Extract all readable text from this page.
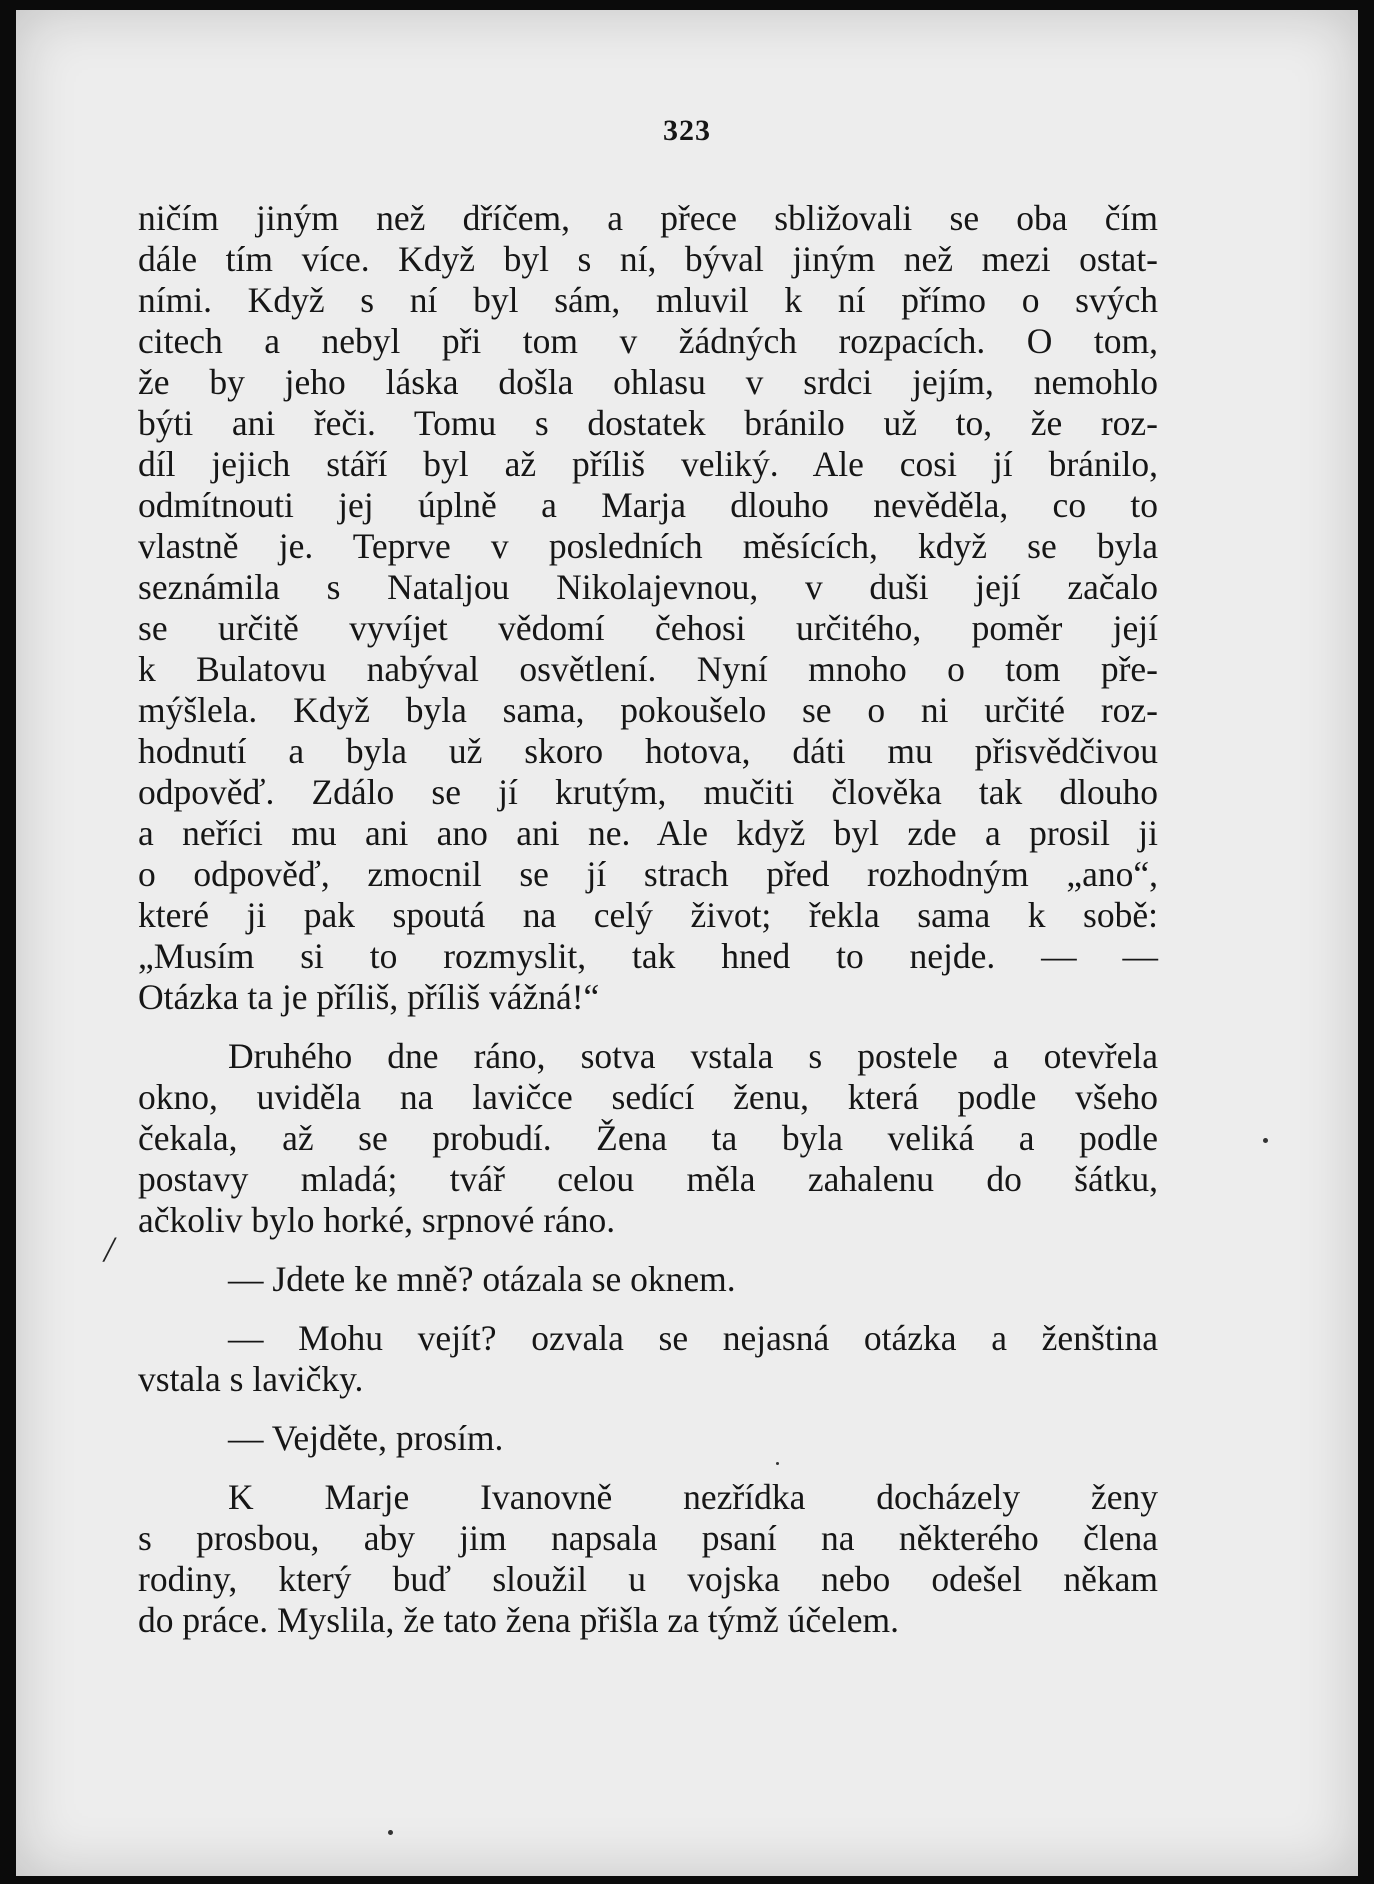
323
ničím jiným než dříčem, a přece sbližovali se oba čím
dále tím více. Když byl s ní, býval jiným než mezi ostat-
ními. Když s ní byl sám, mluvil k ní přímo o svých
citech a nebyl při tom v žádných rozpacích. O tom,
že by jeho láska došla ohlasu v srdci jejím, nemohlo
býti ani řeči. Tomu s dostatek bránilo už to, že roz-
díl jejich stáří byl až příliš veliký. Ale cosi jí bránilo,
odmítnouti jej úplně a Marja dlouho nevěděla, co to
vlastně je. Teprve v posledních měsících, když se byla
seznámila s Nataljou Nikolajevnou, v duši její začalo
se určitě vyvíjet vědomí čehosi určitého, poměr její
k Bulatovu nabýval osvětlení. Nyní mnoho o tom pře-
mýšlela. Když byla sama, pokoušelo se o ni určité roz-
hodnutí a byla už skoro hotova, dáti mu přisvědčivou
odpověď. Zdálo se jí krutým, mučiti člověka tak dlouho
a neříci mu ani ano ani ne. Ale když byl zde a prosil ji
o odpověď, zmocnil se jí strach před rozhodným „ano“,
které ji pak spoutá na celý život; řekla sama k sobě:
„Musím si to rozmyslit, tak hned to nejde. — —
Otázka ta je příliš, příliš vážná!“
Druhého dne ráno, sotva vstala s postele a otevřela
okno, uviděla na lavičce sedící ženu, která podle všeho
čekala, až se probudí. Žena ta byla veliká a podle
postavy mladá; tvář celou měla zahalenu do šátku,
ačkoliv bylo horké, srpnové ráno.
— Jdete ke mně? otázala se oknem.
— Mohu vejít? ozvala se nejasná otázka a ženština
vstala s lavičky.
— Vejděte, prosím.
K Marje Ivanovně nezřídka docházely ženy
s prosbou, aby jim napsala psaní na některého člena
rodiny, který buď sloužil u vojska nebo odešel někam
do práce. Myslila, že tato žena přišla za týmž účelem.
/
